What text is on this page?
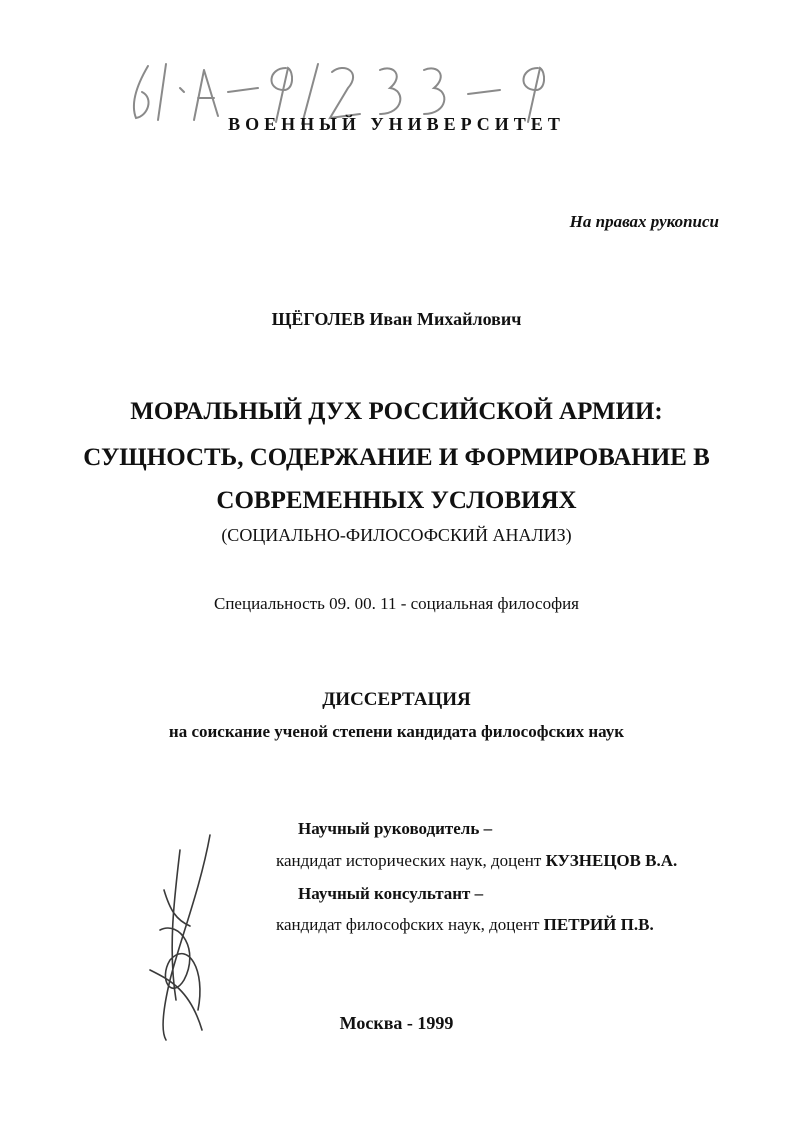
ВОЕННЫЙ УНИВЕРСИТЕТ
На правах рукописи
ЩЁГОЛЕВ Иван Михайлович
МОРАЛЬНЫЙ ДУХ РОССИЙСКОЙ АРМИИ:
СУЩНОСТЬ, СОДЕРЖАНИЕ И ФОРМИРОВАНИЕ В
СОВРЕМЕННЫХ УСЛОВИЯХ
(СОЦИАЛЬНО-ФИЛОСОФСКИЙ АНАЛИЗ)
Специальность 09. 00. 11 - социальная философия
ДИССЕРТАЦИЯ
на соискание ученой степени кандидата философских наук
Научный руководитель –
кандидат исторических наук, доцент КУЗНЕЦОВ В.А.
Научный консультант –
кандидат философских наук, доцент ПЕТРИЙ П.В.
Москва - 1999
